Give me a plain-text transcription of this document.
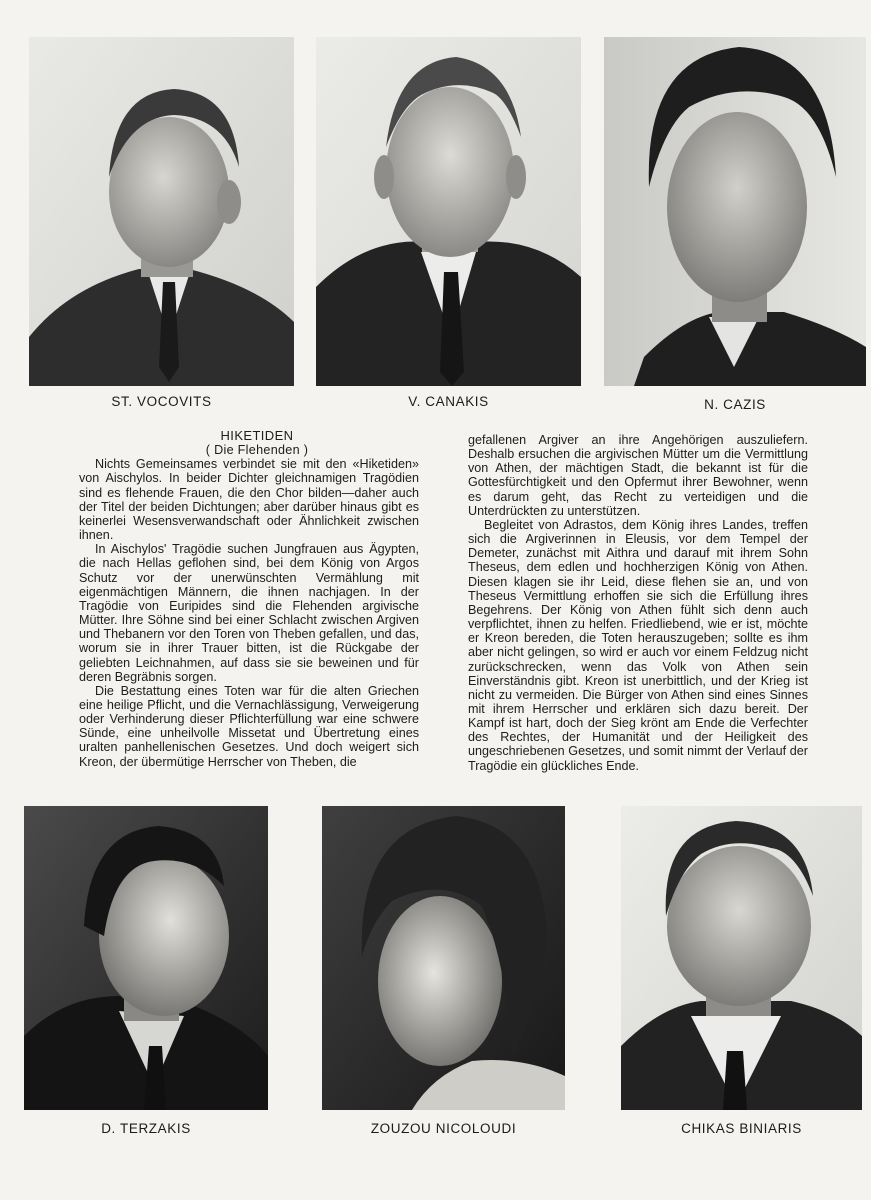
ST. VOCOVITS	V. CANAKIS	N. CAZIS

HIKETIDEN

( Die Flehenden )

Nichts Gemeinsames verbindet sie mit den «Hiketiden» von Aischylos. In beider Dichter gleichnamigen Tragödien sind es flehende Frauen, die den Chor bilden—daher auch der Titel der beiden Dichtungen; aber darüber hinaus gibt es keinerlei Wesensverwandschaft oder Ähnlichkeit zwischen ihnen.

In Aischylos' Tragödie suchen Jungfrauen aus Ägypten, die nach Hellas geflohen sind, bei dem König von Argos Schutz vor der unerwünschten Vermählung mit eigenmächtigen Männern, die ihnen nachjagen. In der Tragödie von Euripides sind die Flehenden argivische Mütter. Ihre Söhne sind bei einer Schlacht zwischen Argiven und Thebanern vor den Toren von Theben gefallen, und das, worum sie in ihrer Trauer bitten, ist die Rückgabe der geliebten Leichnahmen, auf dass sie sie beweinen und für deren Begräbnis sorgen.

Die Bestattung eines Toten war für die alten Griechen eine heilige Pflicht, und die Vernachlässigung, Verweigerung oder Verhinderung dieser Pflichterfüllung war eine schwere Sünde, eine unheilvolle Missetat und Übertretung eines uralten panhellenischen Gesetzes. Und doch weigert sich Kreon, der übermütige Herrscher von Theben, die

gefallenen Argiver an ihre Angehörigen auszuliefern. Deshalb ersuchen die argivischen Mütter um die Vermittlung von Athen, der mächtigen Stadt, die bekannt ist für die Gottesfürchtigkeit und den Opfermut ihrer Bewohner, wenn es darum geht, das Recht zu verteidigen und die Unterdrückten zu unterstützen.

Begleitet von Adrastos, dem König ihres Landes, treffen sich die Argiverinnen in Eleusis, vor dem Tempel der Demeter, zunächst mit Aithra und darauf mit ihrem Sohn Theseus, dem edlen und hochherzigen König von Athen. Diesen klagen sie ihr Leid, diese flehen sie an, und von Theseus Vermittlung erhoffen sie sich die Erfüllung ihres Begehrens. Der König von Athen fühlt sich denn auch verpflichtet, ihnen zu helfen. Friedliebend, wie er ist, möchte er Kreon bereden, die Toten herauszugeben; sollte es ihm aber nicht gelingen, so wird er auch vor einem Feldzug nicht zurückschrecken, wenn das Volk von Athen sein Einverständnis gibt. Kreon ist unerbittlich, und der Krieg ist nicht zu vermeiden. Die Bürger von Athen sind eines Sinnes mit ihrem Herrscher und erklären sich dazu bereit. Der Kampf ist hart, doch der Sieg krönt am Ende die Verfechter des Rechtes, der Humanität und der Heiligkeit des ungeschriebenen Gesetzes, und somit nimmt der Verlauf der Tragödie ein glückliches Ende.

D. TERZAKIS	ZOUZOU NICOLOUDI	CHIKAS BINIARIS
